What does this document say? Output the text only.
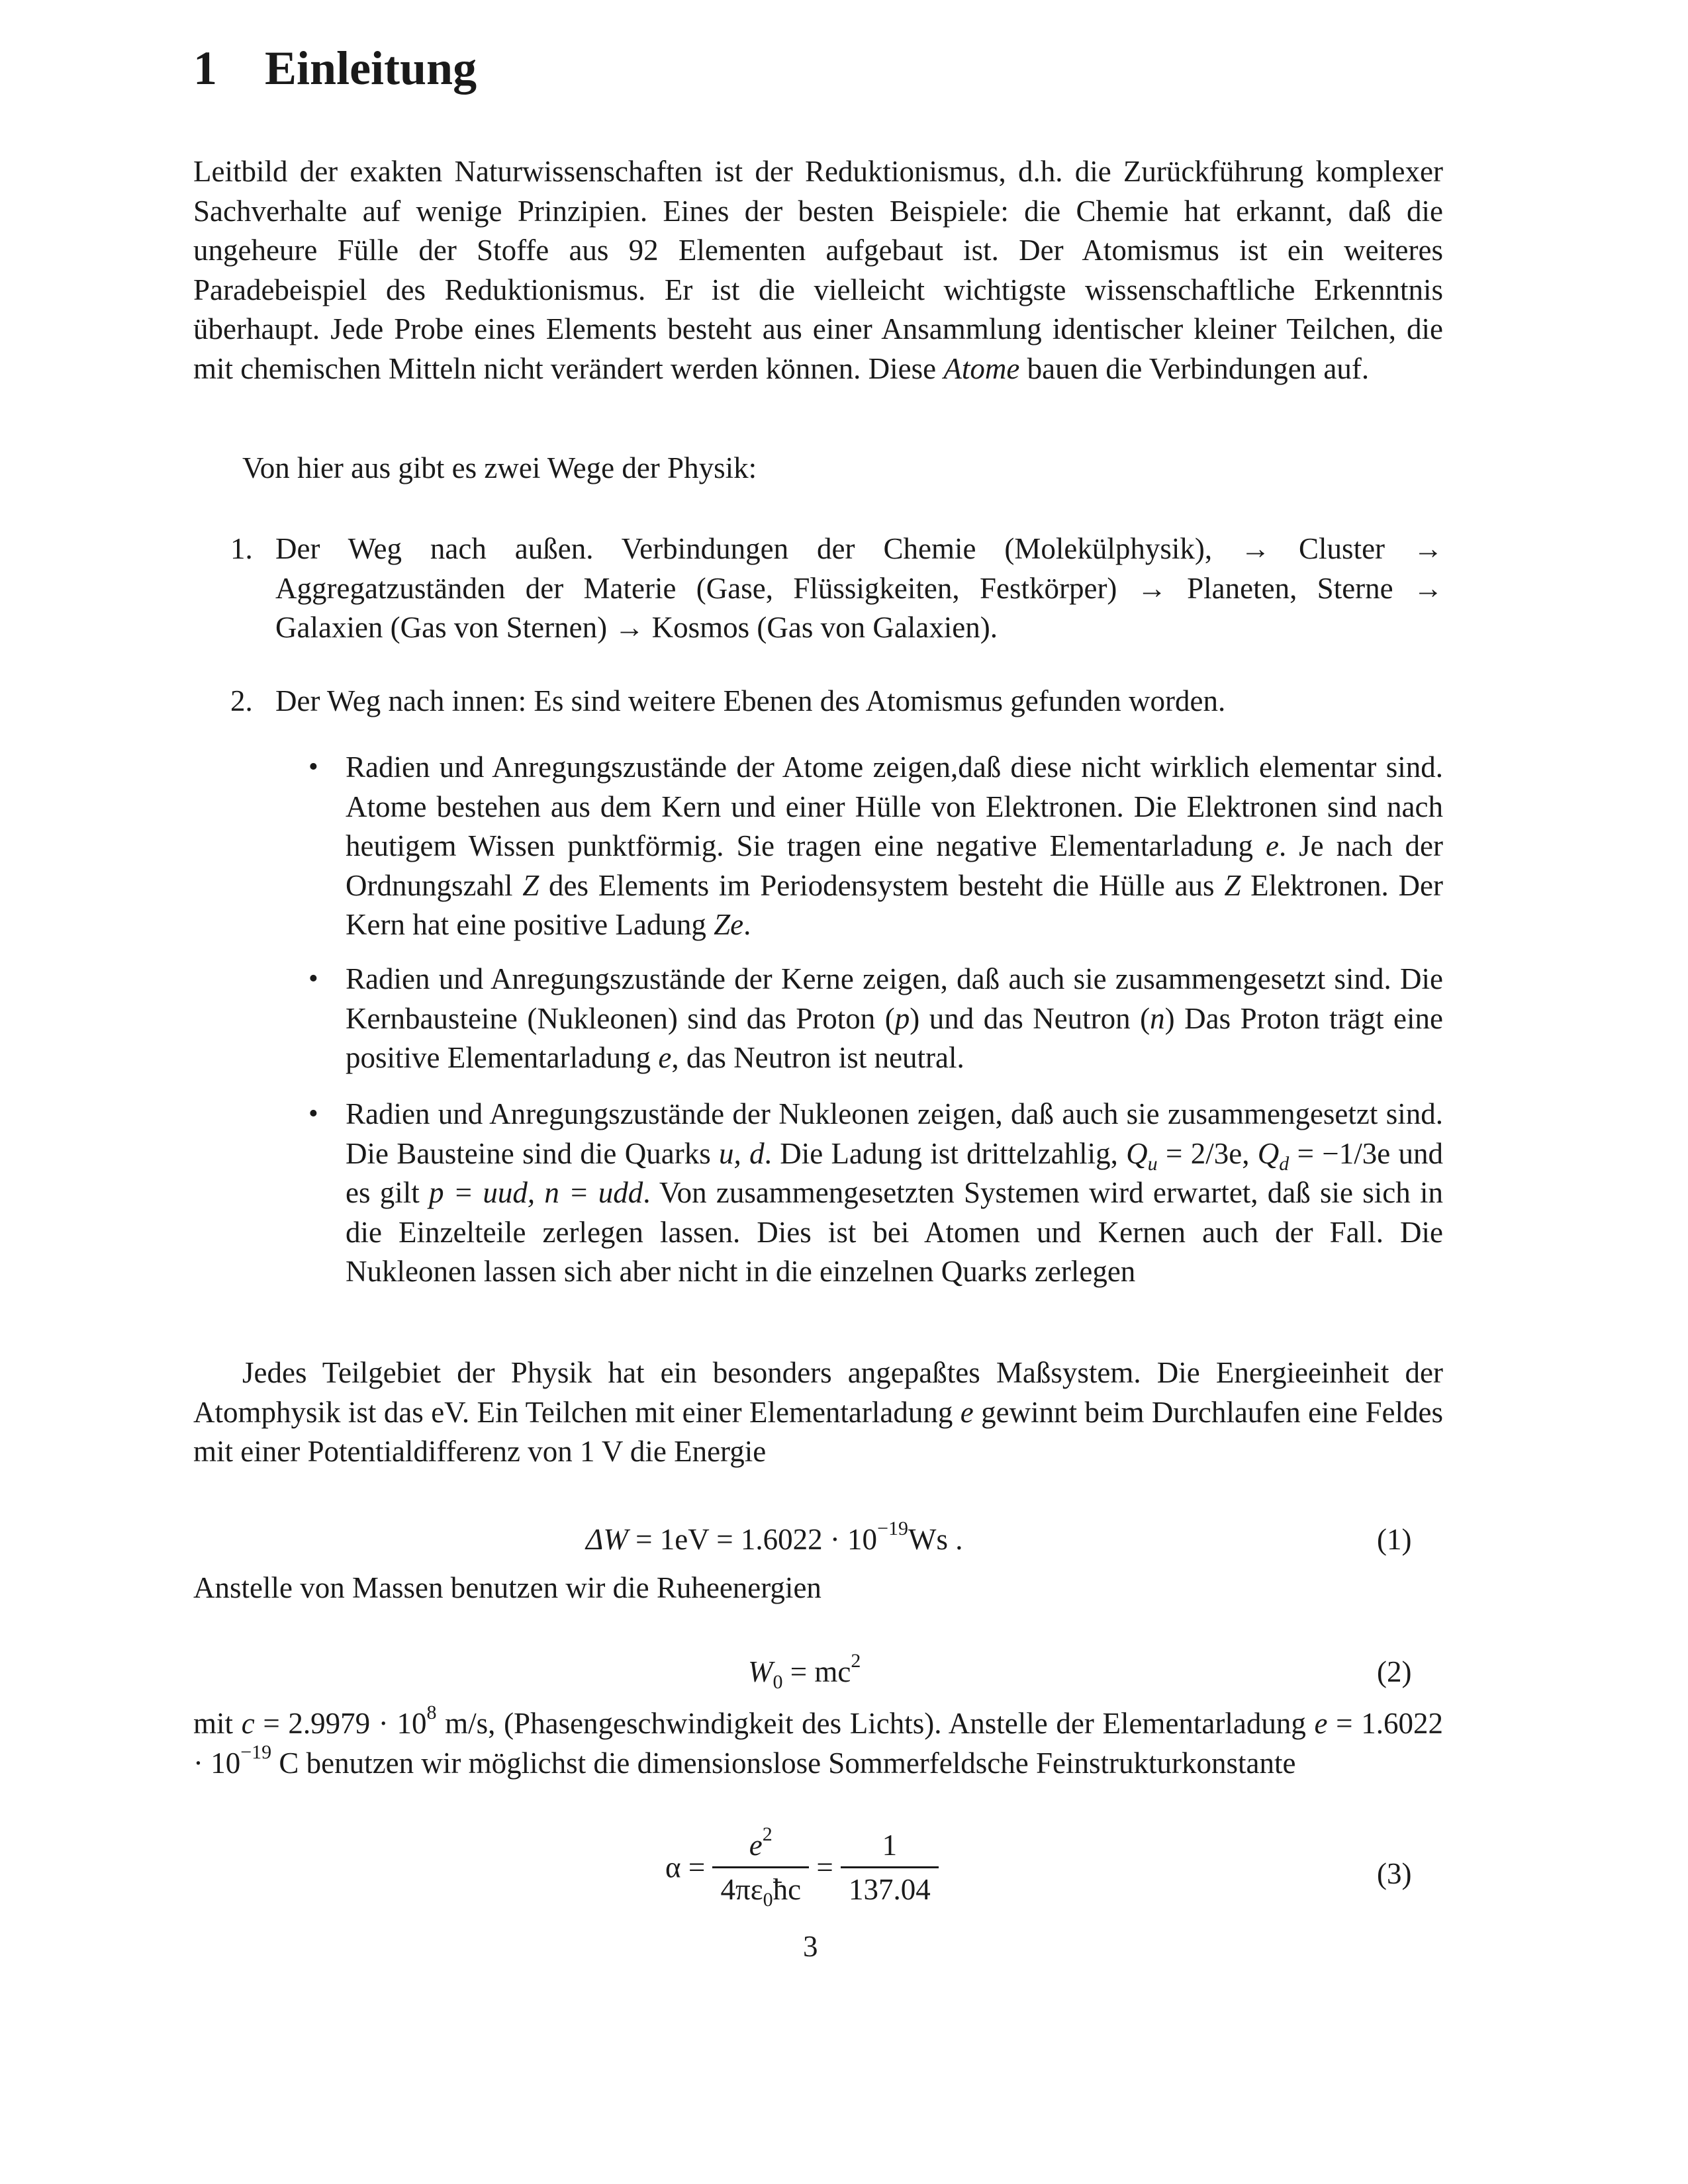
1 Einleitung
Leitbild der exakten Naturwissenschaften ist der Reduktionismus, d.h. die Zurückführung komplexer Sachverhalte auf wenige Prinzipien. Eines der besten Beispiele: die Chemie hat erkannt, daß die ungeheure Fülle der Stoffe aus 92 Elementen aufgebaut ist. Der Atomismus ist ein weiteres Paradebeispiel des Reduktionismus. Er ist die vielleicht wichtigste wissenschaftliche Erkenntnis überhaupt. Jede Probe eines Elements besteht aus einer Ansammlung identischer kleiner Teilchen, die mit chemischen Mitteln nicht verändert werden können. Diese Atome bauen die Verbindungen auf.
Von hier aus gibt es zwei Wege der Physik:
1. Der Weg nach außen. Verbindungen der Chemie (Molekülphysik), → Cluster → Aggregatzuständen der Materie (Gase, Flüssigkeiten, Festkörper) → Planeten, Sterne → Galaxien (Gas von Sternen) → Kosmos (Gas von Galaxien).
2. Der Weg nach innen: Es sind weitere Ebenen des Atomismus gefunden worden.
• Radien und Anregungszustände der Atome zeigen,daß diese nicht wirklich elementar sind. Atome bestehen aus dem Kern und einer Hülle von Elektronen. Die Elektronen sind nach heutigem Wissen punktförmig. Sie tragen eine negative Elementarladung e. Je nach der Ordnungszahl Z des Elements im Periodensystem besteht die Hülle aus Z Elektronen. Der Kern hat eine positive Ladung Ze.
• Radien und Anregungszustände der Kerne zeigen, daß auch sie zusammengesetzt sind. Die Kernbausteine (Nukleonen) sind das Proton (p) und das Neutron (n) Das Proton trägt eine positive Elementarladung e, das Neutron ist neutral.
• Radien und Anregungszustände der Nukleonen zeigen, daß auch sie zusammengesetzt sind. Die Bausteine sind die Quarks u, d. Die Ladung ist drittelzahlig, $Q_u = 2/3e$, $Q_d = -1/3e$ und es gilt p = uud, n = udd. Von zusammengesetzten Systemen wird erwartet, daß sie sich in die Einzelteile zerlegen lassen. Dies ist bei Atomen und Kernen auch der Fall. Die Nukleonen lassen sich aber nicht in die einzelnen Quarks zerlegen
Jedes Teilgebiet der Physik hat ein besonders angepaßtes Maßsystem. Die Energieeinheit der Atomphysik ist das eV. Ein Teilchen mit einer Elementarladung e gewinnt beim Durchlaufen eine Feldes mit einer Potentialdifferenz von 1 V die Energie
$\Delta W = 1eV = 1.6022 \cdot 10^{-19}Ws$ .	(1)
Anstelle von Massen benutzen wir die Ruheenergien
$W_0 = mc^2$	(2)
mit $c = 2.9979 \cdot 10^8$ m/s, (Phasengeschwindigkeit des Lichts). Anstelle der Elementarladung $e = 1.6022 \cdot 10^{-19}$ C benutzen wir möglichst die dimensionslose Sommerfeldsche Feinstrukturkonstante
$\alpha = \frac{e^2}{4\pi\varepsilon_0ħc} = \frac{1}{137.04}$	(3)
3
